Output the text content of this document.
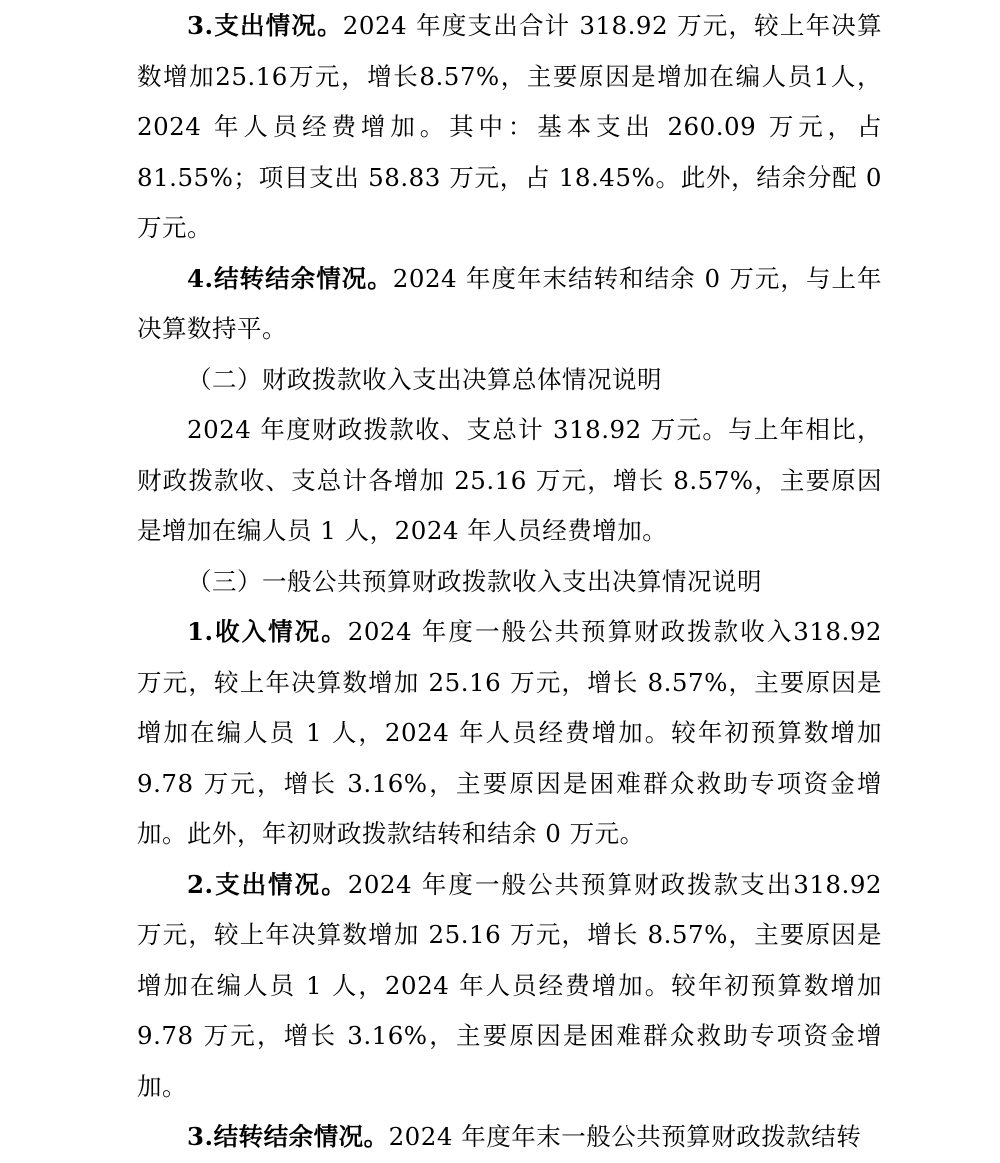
3.支出情况。2024 年度支出合计 318.92 万元，较上年决算数增加25.16万元，增长8.57%，主要原因是增加在编人员1人，2024 年人员经费增加。其中：基本支出 260.09 万元，占 81.55%；项目支出 58.83 万元，占 18.45%。此外，结余分配 0 万元。

4.结转结余情况。2024 年度年末结转和结余 0 万元，与上年决算数持平。

（二）财政拨款收入支出决算总体情况说明

2024 年度财政拨款收、支总计 318.92 万元。与上年相比，财政拨款收、支总计各增加 25.16 万元，增长 8.57%，主要原因是增加在编人员 1 人，2024 年人员经费增加。

（三）一般公共预算财政拨款收入支出决算情况说明

1.收入情况。2024 年度一般公共预算财政拨款收入318.92 万元，较上年决算数增加 25.16 万元，增长 8.57%，主要原因是增加在编人员 1 人，2024 年人员经费增加。较年初预算数增加9.78 万元，增长 3.16%，主要原因是困难群众救助专项资金增加。此外，年初财政拨款结转和结余 0 万元。

2.支出情况。2024 年度一般公共预算财政拨款支出318.92 万元，较上年决算数增加 25.16 万元，增长 8.57%，主要原因是增加在编人员 1 人，2024 年人员经费增加。较年初预算数增加9.78 万元，增长 3.16%，主要原因是困难群众救助专项资金增加。

3.结转结余情况。2024 年度年末一般公共预算财政拨款结转
